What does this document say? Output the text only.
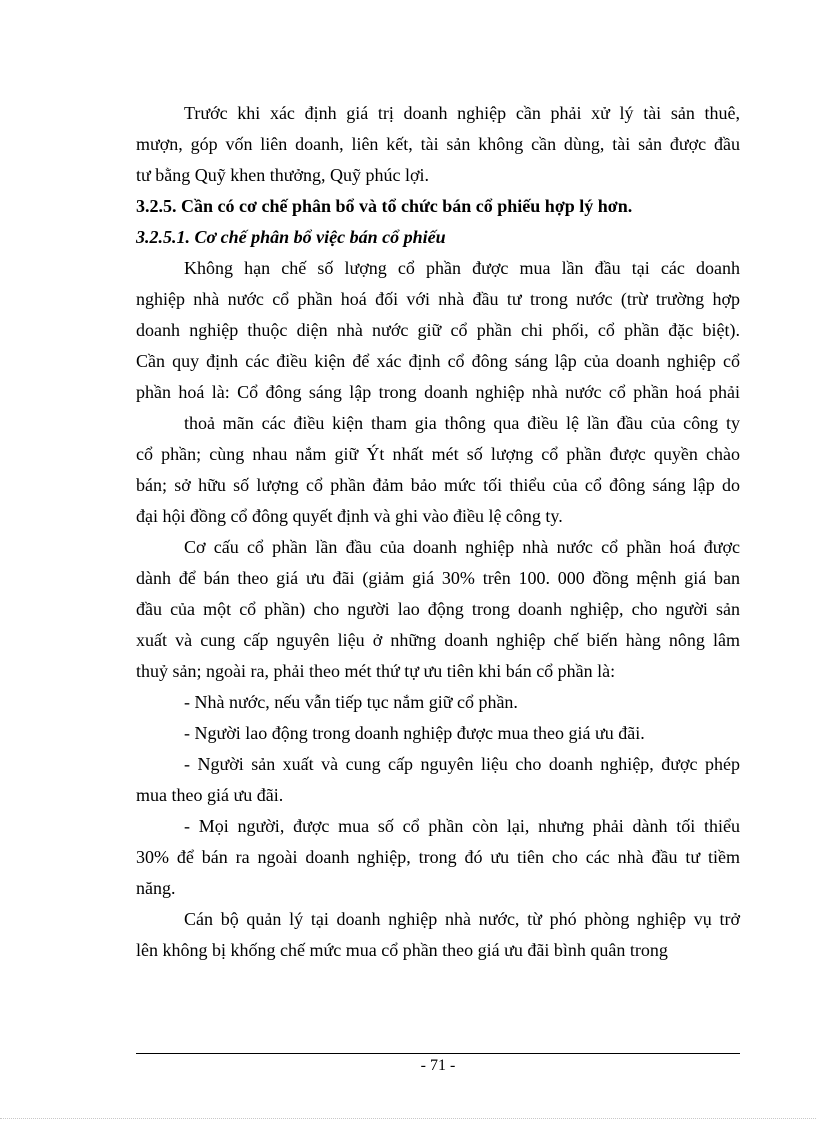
Trước khi xác định giá trị doanh nghiệp cần phải xử lý tài sản thuê,
mượn, góp vốn liên doanh, liên kết, tài sản không cần dùng, tài sản được đầu
tư bằng Quỹ khen thưởng, Quỹ phúc lợi.
3.2.5. Cần có cơ chế phân bổ và tổ chức bán cổ phiếu hợp lý hơn.
3.2.5.1. Cơ chế phân bổ việc bán cổ phiếu
Không hạn chế số lượng cổ phần được mua lần đầu tại các doanh
nghiệp nhà nước cổ phần hoá đối với nhà đầu tư trong nước (trừ trường hợp
doanh nghiệp thuộc diện nhà nước giữ cổ phần chi phối, cổ phần đặc biệt).
Cần quy định các điều kiện để xác định cổ đông sáng lập của doanh nghiệp cổ
phần hoá là: Cổ đông sáng lập trong doanh nghiệp nhà nước cổ phần hoá phải
thoả mãn các điều kiện tham gia thông qua điều lệ lần đầu của công ty
cổ phần; cùng nhau nắm giữ Ýt nhất mét số lượng cổ phần được quyền chào
bán; sở hữu số lượng cổ phần đảm bảo mức tối thiểu của cổ đông sáng lập do
đại hội đồng cổ đông quyết định và ghi vào điều lệ công ty.
Cơ cấu cổ phần lần đầu của doanh nghiệp nhà nước cổ phần hoá được
dành để bán theo giá ưu đãi (giảm giá 30% trên 100. 000 đồng mệnh giá ban
đầu của một cổ phần) cho người lao động trong doanh nghiệp, cho người sản
xuất và cung cấp nguyên liệu ở những doanh nghiệp chế biến hàng nông lâm
thuỷ sản; ngoài ra, phải theo mét thứ tự ưu tiên khi bán cổ phần là:
- Nhà nước, nếu vẫn tiếp tục nắm giữ cổ phần.
- Người lao động trong doanh nghiệp được mua theo giá ưu đãi.
- Người sản xuất và cung cấp nguyên liệu cho doanh nghiệp, được phép
mua theo giá ưu đãi.
- Mọi người, được mua số cổ phần còn lại, nhưng phải dành tối thiểu
30% để bán ra ngoài doanh nghiệp, trong đó ưu tiên cho các nhà đầu tư tiềm
năng.
Cán bộ quản lý tại doanh nghiệp nhà nước, từ phó phòng nghiệp vụ trở
lên không bị khống chế mức mua cổ phần theo giá ưu đãi bình quân trong
- 71 -
